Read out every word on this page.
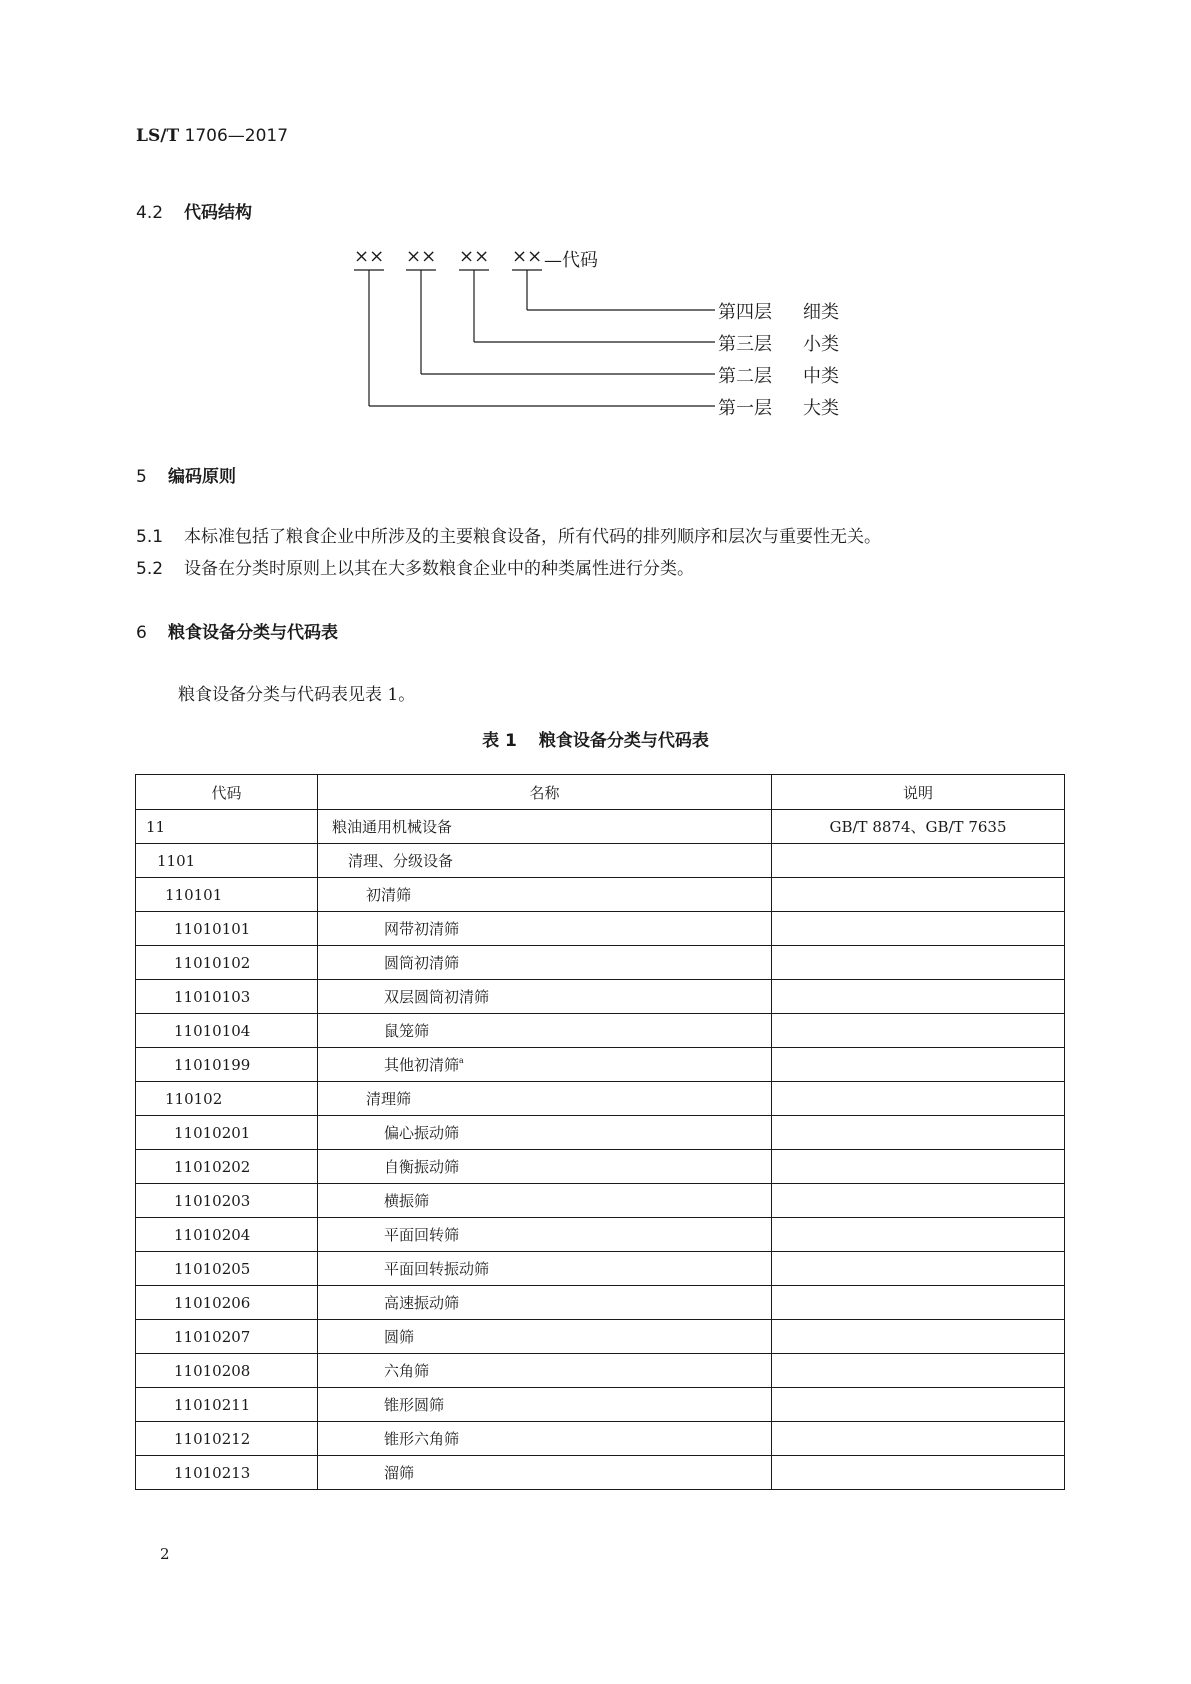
LS/T 1706—2017
4.2 代码结构
×× ×× ×× ×× —代码
第四层 细类
第三层 小类
第二层 中类
第一层 大类
5 编码原则
5.1 本标准包括了粮食企业中所涉及的主要粮食设备，所有代码的排列顺序和层次与重要性无关。
5.2 设备在分类时原则上以其在大多数粮食企业中的种类属性进行分类。
6 粮食设备分类与代码表
粮食设备分类与代码表见表 1。
表 1 粮食设备分类与代码表
代码	名称	说明
11	粮油通用机械设备	GB/T 8874、GB/T 7635
1101	清理、分级设备	
110101	初清筛	
11010101	网带初清筛	
11010102	圆筒初清筛	
11010103	双层圆筒初清筛	
11010104	鼠笼筛	
11010199	其他初清筛$^a$	
110102	清理筛	
11010201	偏心振动筛	
11010202	自衡振动筛	
11010203	横振筛	
11010204	平面回转筛	
11010205	平面回转振动筛	
11010206	高速振动筛	
11010207	圆筛	
11010208	六角筛	
11010211	锥形圆筛	
11010212	锥形六角筛	
11010213	溜筛	
2
